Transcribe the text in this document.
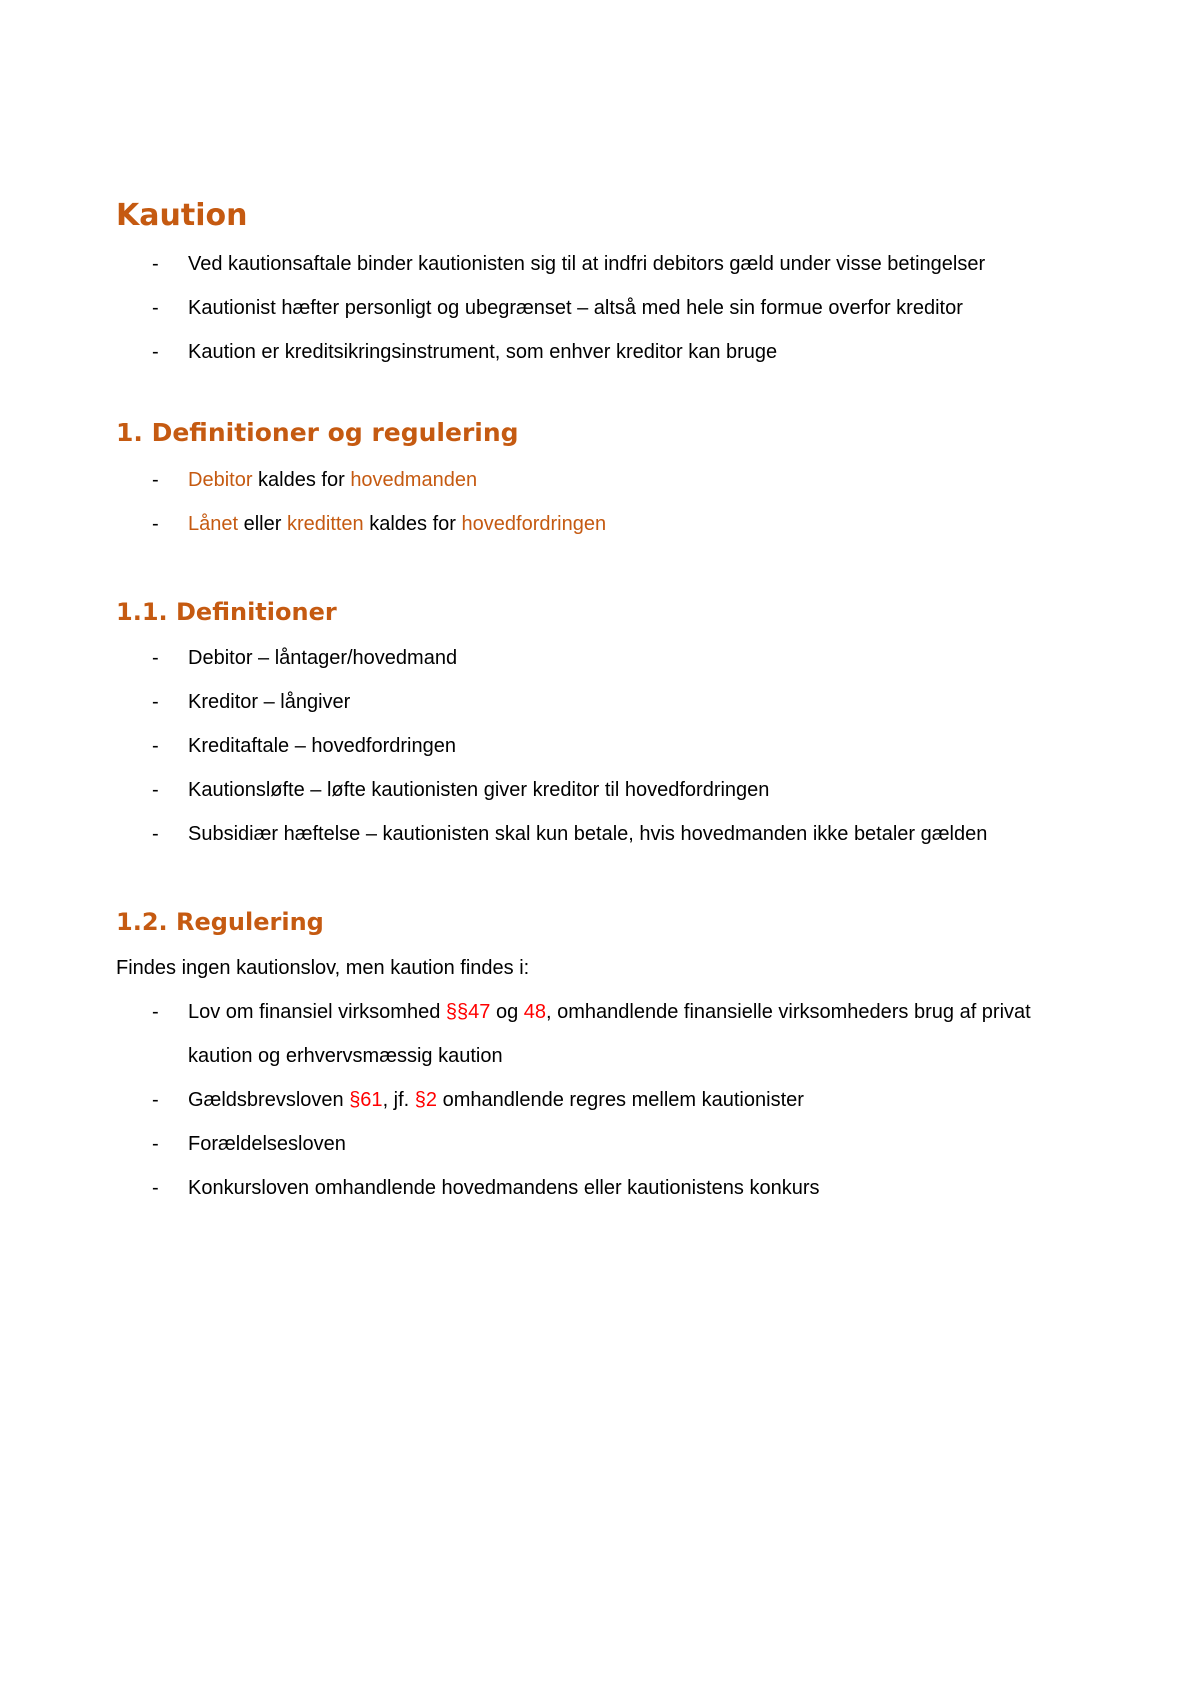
Kaution
-	Ved kautionsaftale binder kautionisten sig til at indfri debitors gæld under visse betingelser
-	Kautionist hæfter personligt og ubegrænset – altså med hele sin formue overfor kreditor
-	Kaution er kreditsikringsinstrument, som enhver kreditor kan bruge
1. Definitioner og regulering
-	Debitor kaldes for hovedmanden
-	Lånet eller kreditten kaldes for hovedfordringen
1.1. Definitioner
-	Debitor – låntager/hovedmand
-	Kreditor – långiver
-	Kreditaftale – hovedfordringen
-	Kautionsløfte – løfte kautionisten giver kreditor til hovedfordringen
-	Subsidiær hæftelse – kautionisten skal kun betale, hvis hovedmanden ikke betaler gælden
1.2. Regulering

Findes ingen kautionslov, men kaution findes i:

-	Lov om finansiel virksomhed §§47 og 48, omhandlende finansielle virksomheders brug af privat kaution og erhvervsmæssig kaution
-	Gældsbrevsloven §61, jf. §2 omhandlende regres mellem kautionister
-	Forældelsesloven
-	Konkursloven omhandlende hovedmandens eller kautionistens konkurs
